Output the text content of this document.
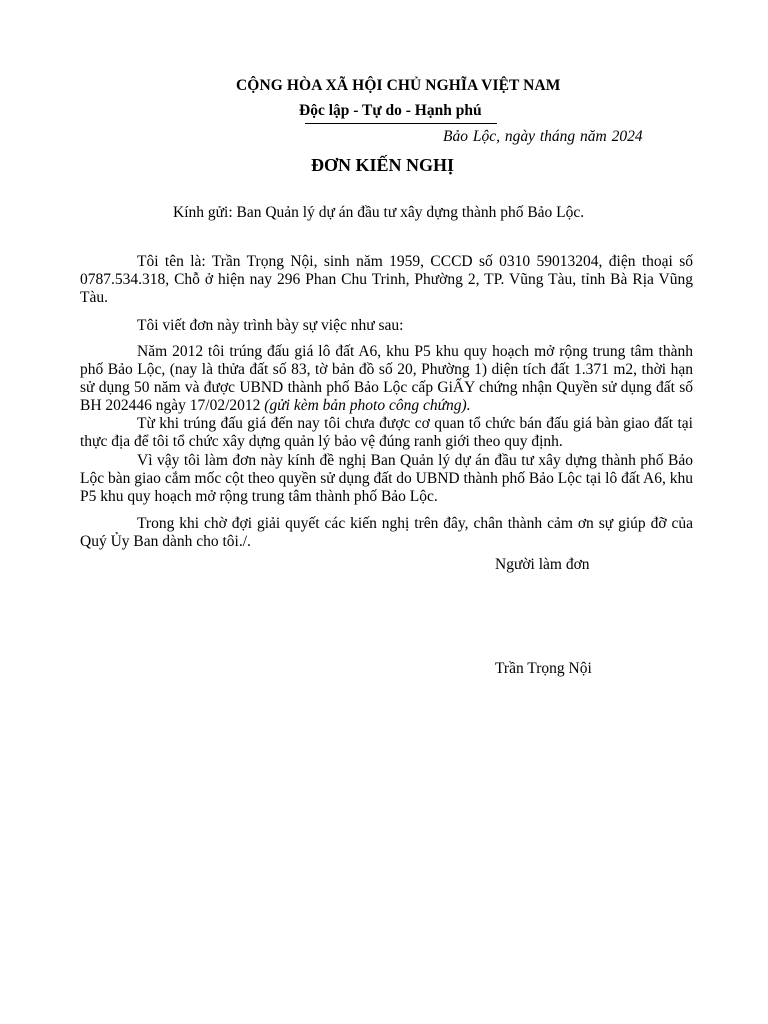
CỘNG HÒA XÃ HỘI CHỦ NGHĨA VIỆT NAM
Độc lập - Tự do - Hạnh phú
Bảo Lộc, ngày tháng năm 2024
ĐƠN KIẾN NGHỊ
Kính gửi: Ban Quản lý dự án đầu tư xây dựng thành phố Bảo Lộc.
Tôi tên là: Trần Trọng Nội, sinh năm 1959, CCCD số 0310 59013204, điện thoại số 0787.534.318, Chỗ ở hiện nay 296 Phan Chu Trinh, Phường 2, TP. Vũng Tàu, tỉnh Bà Rịa Vũng Tàu.
Tôi viết đơn này trình bày sự việc như sau:
Năm 2012 tôi trúng đấu giá lô đất A6, khu P5 khu quy hoạch mở rộng trung tâm thành phố Bảo Lộc, (nay là thửa đất số 83, tờ bản đồ số 20, Phường 1) diện tích đất 1.371 m2, thời hạn sử dụng 50 năm và được UBND thành phố Bảo Lộc cấp GiẤY chứng nhận Quyền sử dụng đất số BH 202446 ngày 17/02/2012 (gửi kèm bản photo công chứng).
Từ khi trúng đấu giá đến nay tôi chưa được cơ quan tổ chức bán đấu giá bàn giao đất tại thực địa để tôi tổ chức xây dựng quản lý bảo vệ đúng ranh giới theo quy định.
Vì vậy tôi làm đơn này kính đề nghị Ban Quản lý dự án đầu tư xây dựng thành phố Bảo Lộc bàn giao cắm mốc cột theo quyền sử dụng đất do UBND thành phố Bảo Lộc tại lô đất A6, khu P5 khu quy hoạch mở rộng trung tâm thành phố Bảo Lộc.
Trong khi chờ đợi giải quyết các kiến nghị trên đây, chân thành cảm ơn sự giúp đỡ của Quý Ủy Ban dành cho tôi./.
Người làm đơn
Trần Trọng Nội
